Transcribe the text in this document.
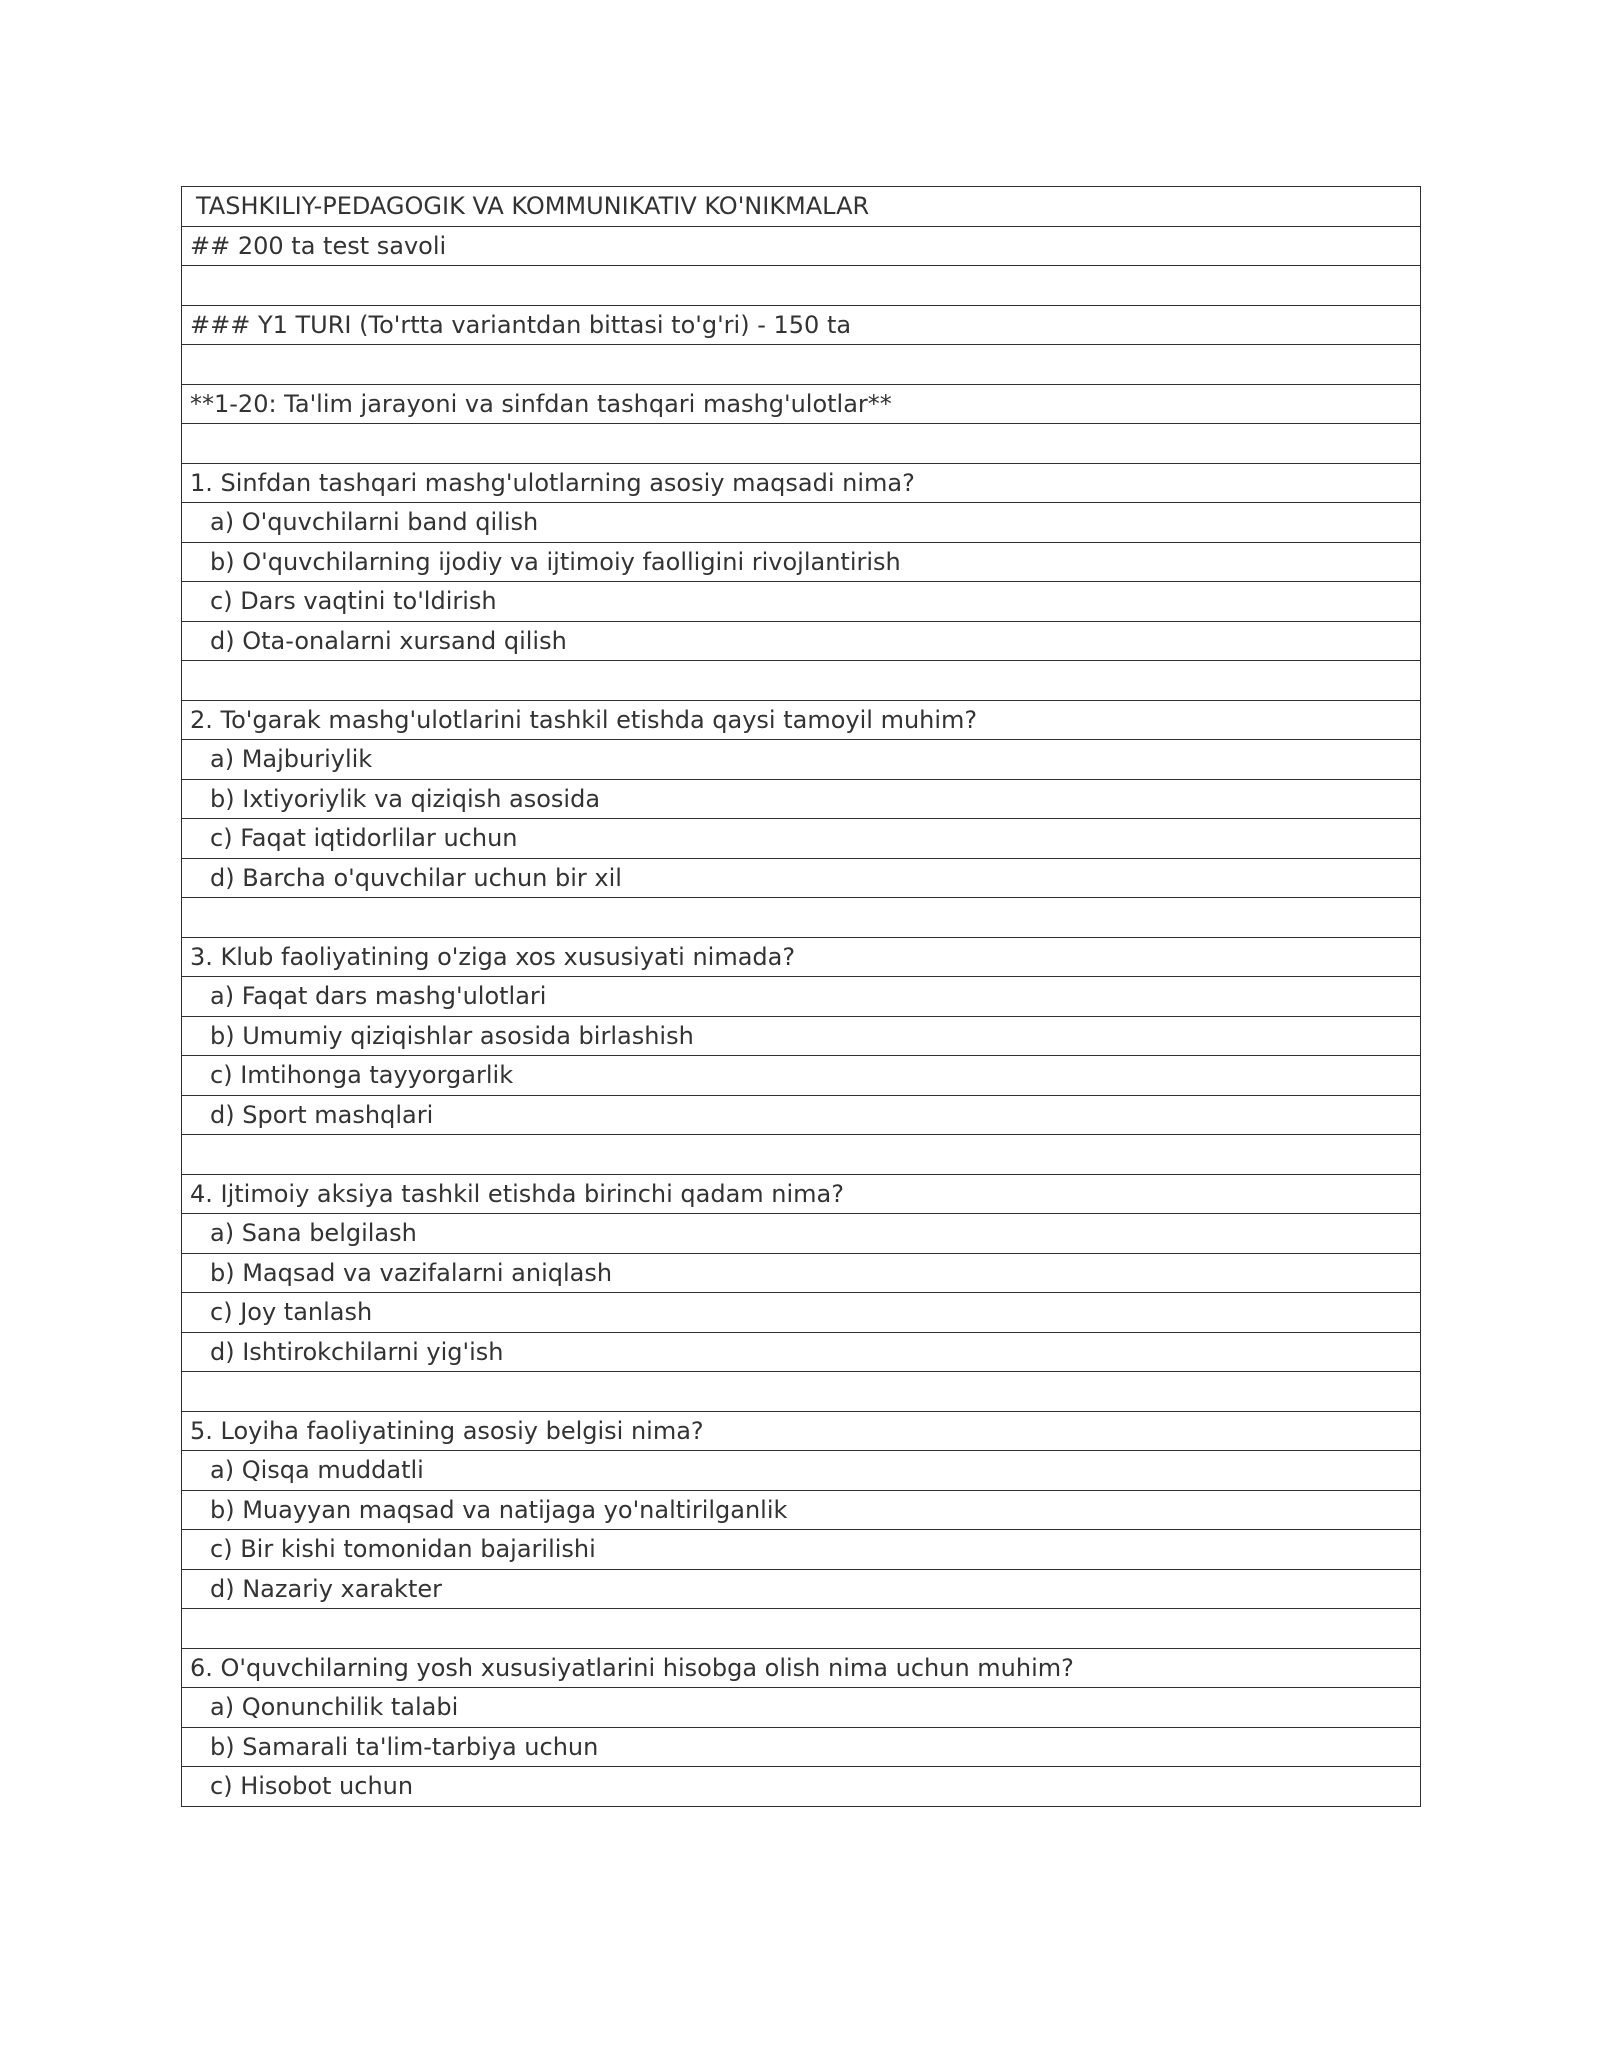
TASHKILIY-PEDAGOGIK VA KOMMUNIKATIV KO'NIKMALAR
## 200 ta test savoli

### Y1 TURI (To'rtta variantdan bittasi to'g'ri) - 150 ta

**1-20: Ta'lim jarayoni va sinfdan tashqari mashg'ulotlar**

1. Sinfdan tashqari mashg'ulotlarning asosiy maqsadi nima?
a) O'quvchilarni band qilish
b) O'quvchilarning ijodiy va ijtimoiy faolligini rivojlantirish
c) Dars vaqtini to'ldirish
d) Ota-onalarni xursand qilish

2. To'garak mashg'ulotlarini tashkil etishda qaysi tamoyil muhim?
a) Majburiylik
b) Ixtiyoriylik va qiziqish asosida
c) Faqat iqtidorlilar uchun
d) Barcha o'quvchilar uchun bir xil

3. Klub faoliyatining o'ziga xos xususiyati nimada?
a) Faqat dars mashg'ulotlari
b) Umumiy qiziqishlar asosida birlashish
c) Imtihonga tayyorgarlik
d) Sport mashqlari

4. Ijtimoiy aksiya tashkil etishda birinchi qadam nima?
a) Sana belgilash
b) Maqsad va vazifalarni aniqlash
c) Joy tanlash
d) Ishtirokchilarni yig'ish

5. Loyiha faoliyatining asosiy belgisi nima?
a) Qisqa muddatli
b) Muayyan maqsad va natijaga yo'naltirilganlik
c) Bir kishi tomonidan bajarilishi
d) Nazariy xarakter

6. O'quvchilarning yosh xususiyatlarini hisobga olish nima uchun muhim?
a) Qonunchilik talabi
b) Samarali ta'lim-tarbiya uchun
c) Hisobot uchun
